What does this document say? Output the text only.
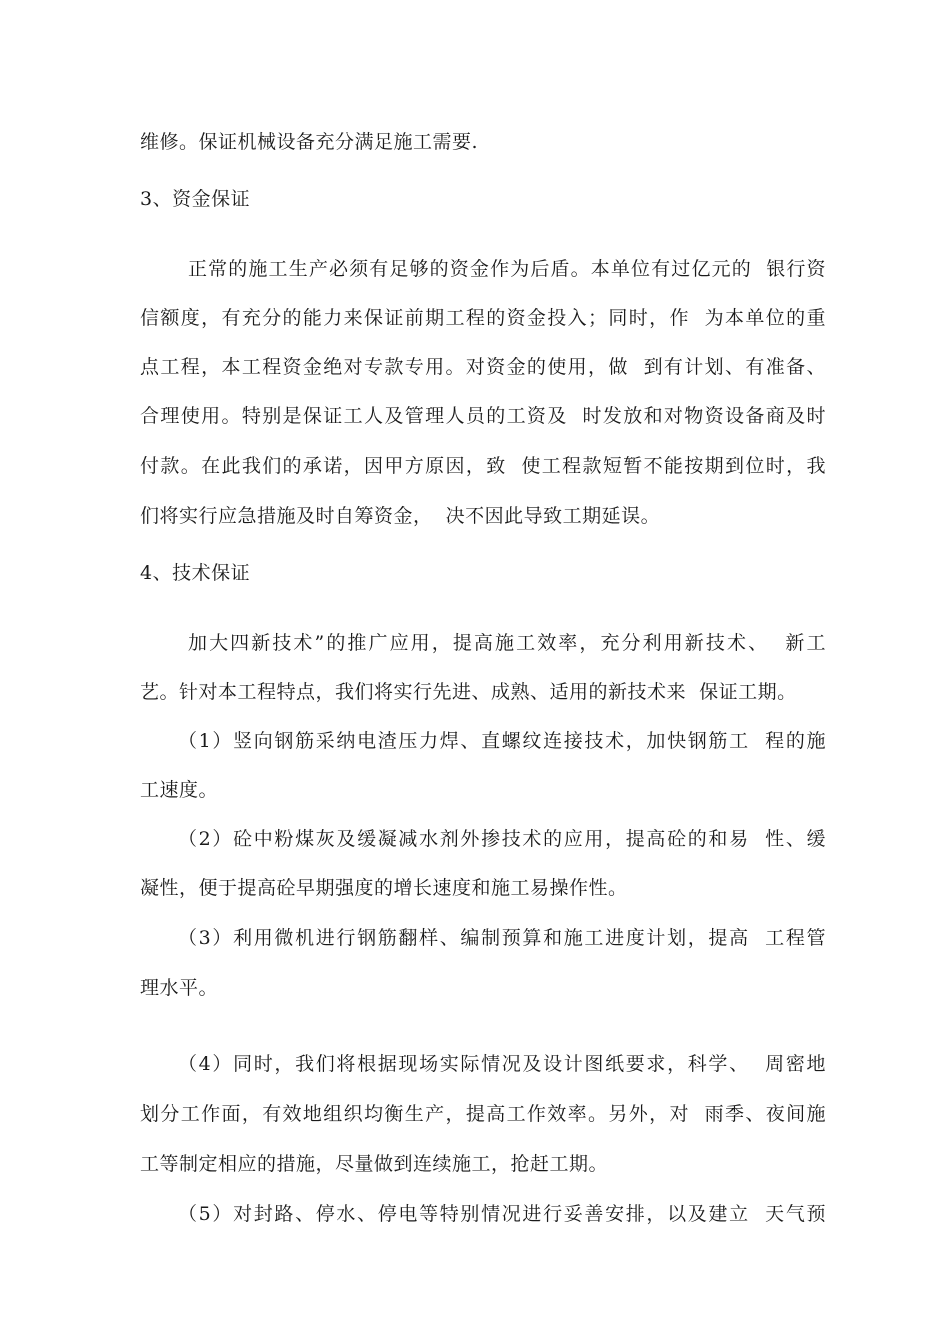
维修。保证机械设备充分满足施工需要.
3、资金保证
正常的施工生产必须有足够的资金作为后盾。本单位有过亿元的  银行资
信额度，有充分的能力来保证前期工程的资金投入；同时，作  为本单位的重
点工程，本工程资金绝对专款专用。对资金的使用，做  到有计划、有准备、
合理使用。特别是保证工人及管理人员的工资及  时发放和对物资设备商及时
付款。在此我们的承诺，因甲方原因，致  使工程款短暂不能按期到位时，我
们将实行应急措施及时自筹资金，  决不因此导致工期延误。
4、技术保证
加大四新技术”的推广应用，提高施工效率，充分利用新技术、  新工
艺。针对本工程特点，我们将实行先进、成熟、适用的新技术来  保证工期。
（1）竖向钢筋采纳电渣压力焊、直螺纹连接技术，加快钢筋工  程的施
工速度。
（2）砼中粉煤灰及缓凝减水剂外掺技术的应用，提高砼的和易  性、缓
凝性，便于提高砼早期强度的增长速度和施工易操作性。
（3）利用微机进行钢筋翻样、编制预算和施工进度计划，提高  工程管
理水平。
（4）同时，我们将根据现场实际情况及设计图纸要求，科学、  周密地
划分工作面，有效地组织均衡生产，提高工作效率。另外，对  雨季、夜间施
工等制定相应的措施，尽量做到连续施工，抢赶工期。
（5）对封路、停水、停电等特别情况进行妥善安排，以及建立  天气预
